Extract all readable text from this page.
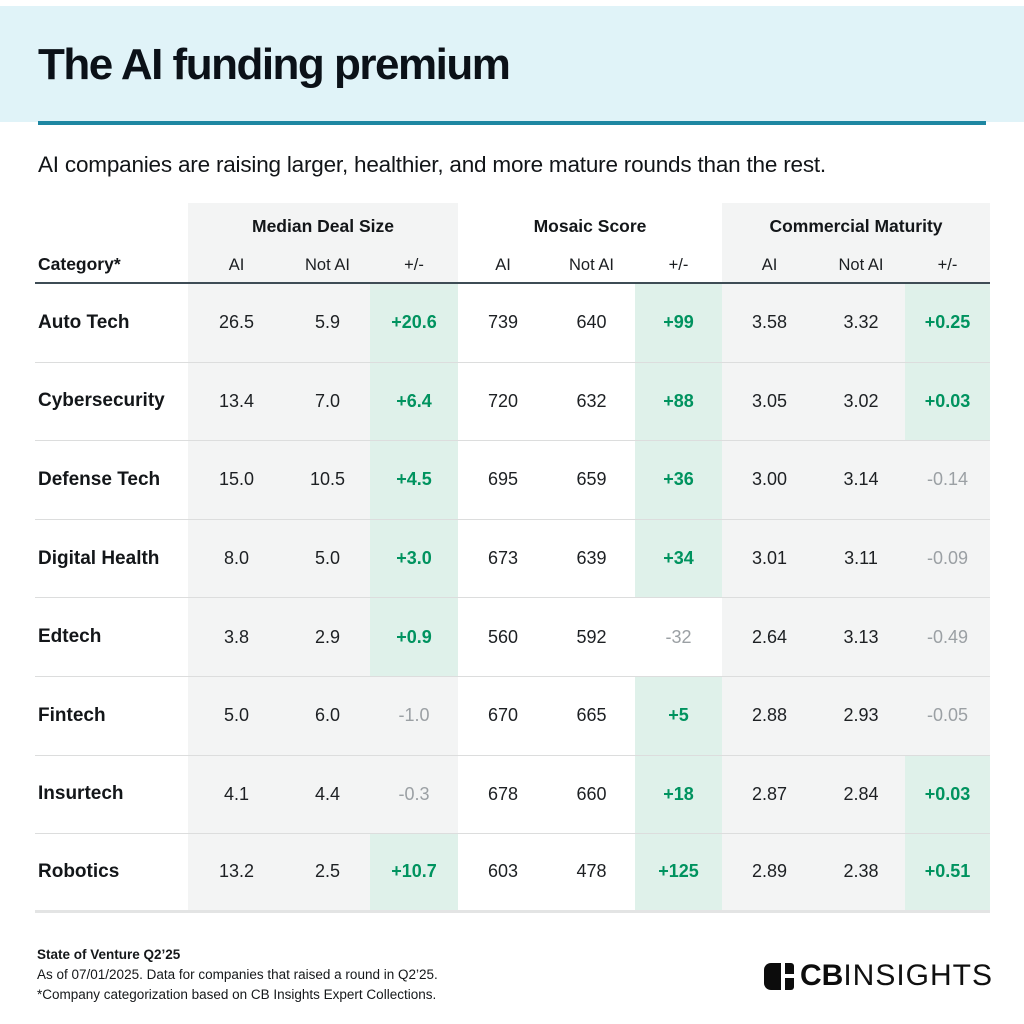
The AI funding premium
AI companies are raising larger, healthier, and more mature rounds than the rest.
Median Deal Size	Mosaic Score	Commercial Maturity
Category*	AI	Not AI	+/-	AI	Not AI	+/-	AI	Not AI	+/-
Auto Tech	26.5	5.9	+20.6	739	640	+99	3.58	3.32	+0.25
Cybersecurity	13.4	7.0	+6.4	720	632	+88	3.05	3.02	+0.03
Defense Tech	15.0	10.5	+4.5	695	659	+36	3.00	3.14	-0.14
Digital Health	8.0	5.0	+3.0	673	639	+34	3.01	3.11	-0.09
Edtech	3.8	2.9	+0.9	560	592	-32	2.64	3.13	-0.49
Fintech	5.0	6.0	-1.0	670	665	+5	2.88	2.93	-0.05
Insurtech	4.1	4.4	-0.3	678	660	+18	2.87	2.84	+0.03
Robotics	13.2	2.5	+10.7	603	478	+125	2.89	2.38	+0.51
State of Venture Q2’25
As of 07/01/2025. Data for companies that raised a round in Q2’25.
*Company categorization based on CB Insights Expert Collections.
CB INSIGHTS
